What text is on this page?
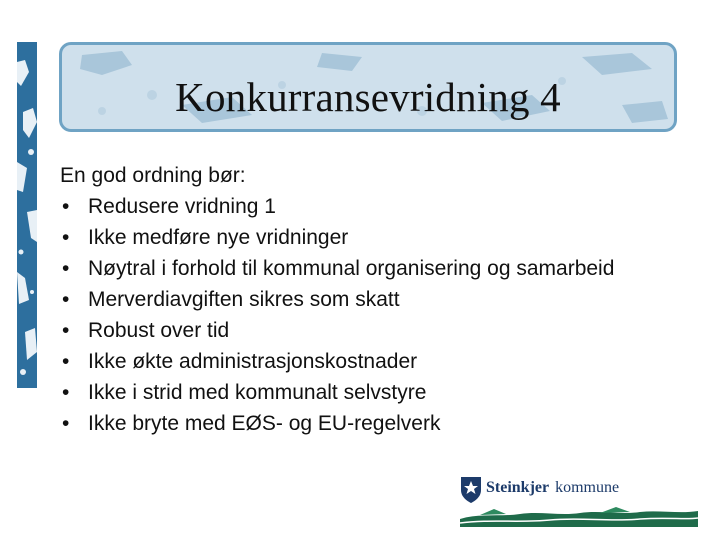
Konkurransevridning 4

En god ordning bør:

• Redusere vridning 1
• Ikke medføre nye vridninger
• Nøytral i forhold til kommunal organisering og samarbeid
• Merverdiavgiften sikres som skatt
• Robust over tid
• Ikke økte administrasjonskostnader
• Ikke i strid med kommunalt selvstyre
• Ikke bryte med EØS- og EU-regelverk
Steinkjer kommune
